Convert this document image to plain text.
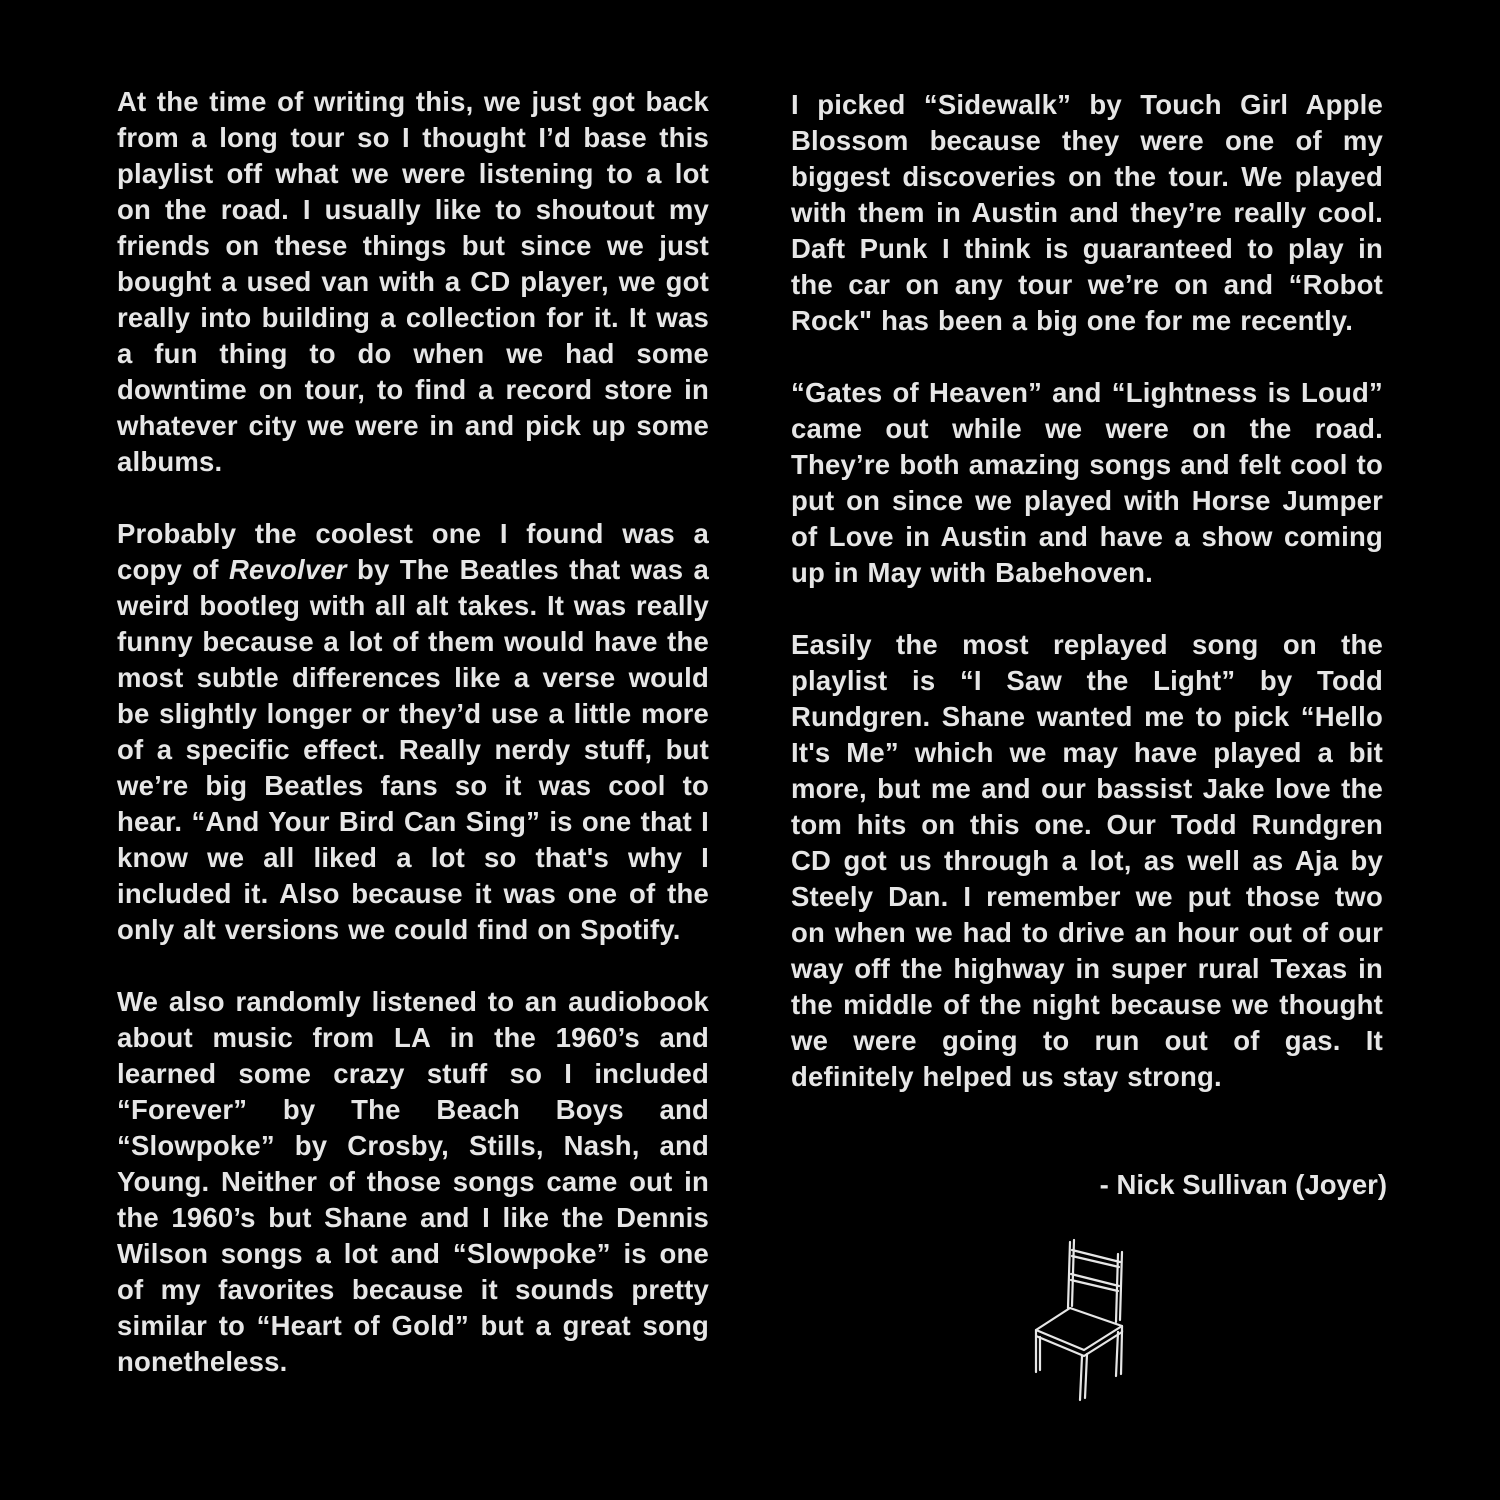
At the time of writing this, we just got back from a long tour so I thought I’d base this playlist off what we were listening to a lot on the road. I usually like to shoutout my friends on these things but since we just bought a used van with a CD player, we got really into building a collection for it. It was a fun thing to do when we had some downtime on tour, to find a record store in whatever city we were in and pick up some albums.

Probably the coolest one I found was a copy of Revolver by The Beatles that was a weird bootleg with all alt takes. It was really funny because a lot of them would have the most subtle differences like a verse would be slightly longer or they’d use a little more of a specific effect. Really nerdy stuff, but we’re big Beatles fans so it was cool to hear. “And Your Bird Can Sing” is one that I know we all liked a lot so that's why I included it. Also because it was one of the only alt versions we could find on Spotify.

We also randomly listened to an audiobook about music from LA in the 1960’s and learned some crazy stuff so I included “Forever” by The Beach Boys and “Slowpoke” by Crosby, Stills, Nash, and Young. Neither of those songs came out in the 1960’s but Shane and I like the Dennis Wilson songs a lot and “Slowpoke” is one of my favorites because it sounds pretty similar to “Heart of Gold” but a great song nonetheless.

I picked “Sidewalk” by Touch Girl Apple Blossom because they were one of my biggest discoveries on the tour. We played with them in Austin and they’re really cool. Daft Punk I think is guaranteed to play in the car on any tour we’re on and “Robot Rock" has been a big one for me recently.

“Gates of Heaven” and “Lightness is Loud” came out while we were on the road. They’re both amazing songs and felt cool to put on since we played with Horse Jumper of Love in Austin and have a show coming up in May with Babehoven.

Easily the most replayed song on the playlist is “I Saw the Light” by Todd Rundgren. Shane wanted me to pick “Hello It's Me” which we may have played a bit more, but me and our bassist Jake love the tom hits on this one. Our Todd Rundgren CD got us through a lot, as well as Aja by Steely Dan. I remember we put those two on when we had to drive an hour out of our way off the highway in super rural Texas in the middle of the night because we thought we were going to run out of gas. It definitely helped us stay strong.

- Nick Sullivan (Joyer)
